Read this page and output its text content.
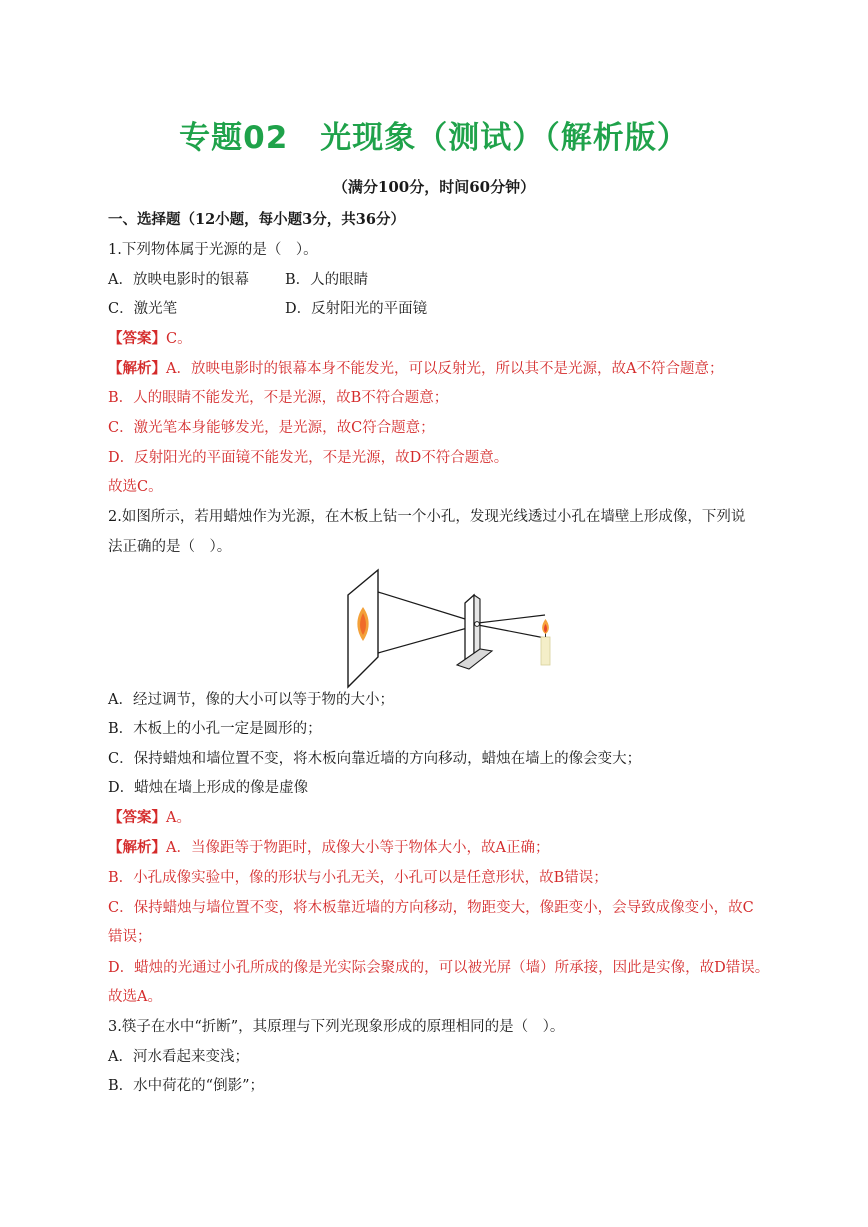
专题02　光现象（测试）（解析版）
（满分100分，时间60分钟）
一、选择题（12小题，每小题3分，共36分）
1.下列物体属于光源的是（　）。
A．放映电影时的银幕 B．人的眼睛
C．激光笔	D．反射阳光的平面镜
【答案】C。
【解析】A．放映电影时的银幕本身不能发光，可以反射光，所以其不是光源，故A不符合题意；
B．人的眼睛不能发光，不是光源，故B不符合题意；
C．激光笔本身能够发光，是光源，故C符合题意；
D．反射阳光的平面镜不能发光，不是光源，故D不符合题意。
故选C。
2.如图所示，若用蜡烛作为光源，在木板上钻一个小孔，发现光线透过小孔在墙壁上形成像，下列说
法正确的是（　）。
A．经过调节，像的大小可以等于物的大小；
B．木板上的小孔一定是圆形的；
C．保持蜡烛和墙位置不变，将木板向靠近墙的方向移动，蜡烛在墙上的像会变大；
D．蜡烛在墙上形成的像是虚像
【答案】A。
【解析】A．当像距等于物距时，成像大小等于物体大小，故A正确；
B．小孔成像实验中，像的形状与小孔无关，小孔可以是任意形状，故B错误；
C．保持蜡烛与墙位置不变，将木板靠近墙的方向移动，物距变大，像距变小，会导致成像变小，故C
错误；
D．蜡烛的光通过小孔所成的像是光实际会聚成的，可以被光屏（墙）所承接，因此是实像，故D错误。
故选A。
3.筷子在水中“折断”，其原理与下列光现象形成的原理相同的是（　）。
A．河水看起来变浅；
B．水中荷花的“倒影”；
